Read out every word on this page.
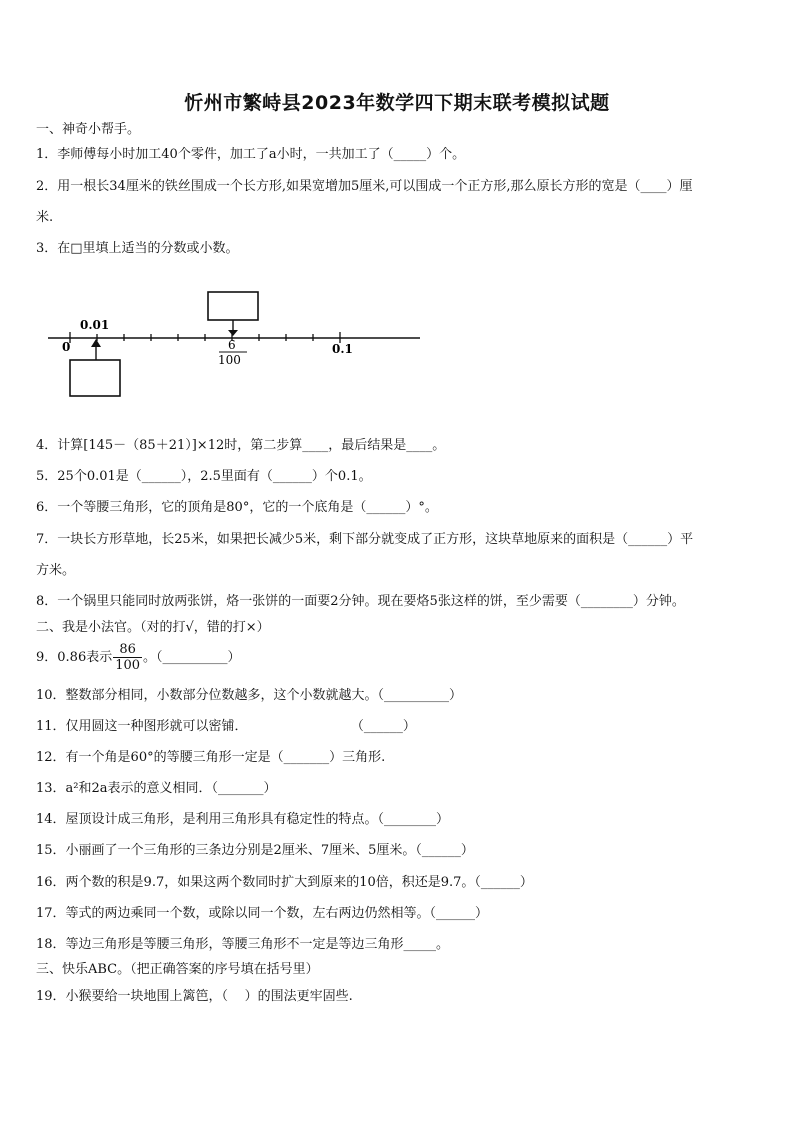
忻州市繁峙县2023年数学四下期末联考模拟试题
一、神奇小帮手。
1．李师傅每小时加工40个零件，加工了a小时，一共加工了（_____）个。
2．用一根长34厘米的铁丝围成一个长方形,如果宽增加5厘米,可以围成一个正方形,那么原长方形的宽是（____）厘
米.
3．在□里填上适当的分数或小数。
0.01
0	6
100
0.1
4．计算[145－（85＋21）]×12时，第二步算____，最后结果是____。
5．25个0.01是（______），2.5里面有（______）个0.1。
6．一个等腰三角形，它的顶角是80°，它的一个底角是（______）°。
7．一块长方形草地，长25米，如果把长减少5米，剩下部分就变成了正方形，这块草地原来的面积是（______）平
方米。
8．一个锅里只能同时放两张饼，烙一张饼的一面要2分钟。现在要烙5张这样的饼，至少需要（________）分钟。
二、我是小法官。（对的打√，错的打×）
9．0.86表示 $\frac{86}{100}$ 。（__________）
10．整数部分相同，小数部分位数越多，这个小数就越大。（__________）
11．仅用圆这一种图形就可以密铺．                         （______）
12．有一个角是60°的等腰三角形一定是（_______）三角形.
13．a²和2a表示的意义相同．（_______）
14．屋顶设计成三角形，是利用三角形具有稳定性的特点。（________）
15．小丽画了一个三角形的三条边分别是2厘米、7厘米、5厘米。（______）
16．两个数的积是9.7，如果这两个数同时扩大到原来的10倍，积还是9.7。（______）
17．等式的两边乘同一个数，或除以同一个数，左右两边仍然相等。（______）
18．等边三角形是等腰三角形，等腰三角形不一定是等边三角形_____。
三、快乐ABC。（把正确答案的序号填在括号里）
19．小猴要给一块地围上篱笆，（    ）的围法更牢固些.
